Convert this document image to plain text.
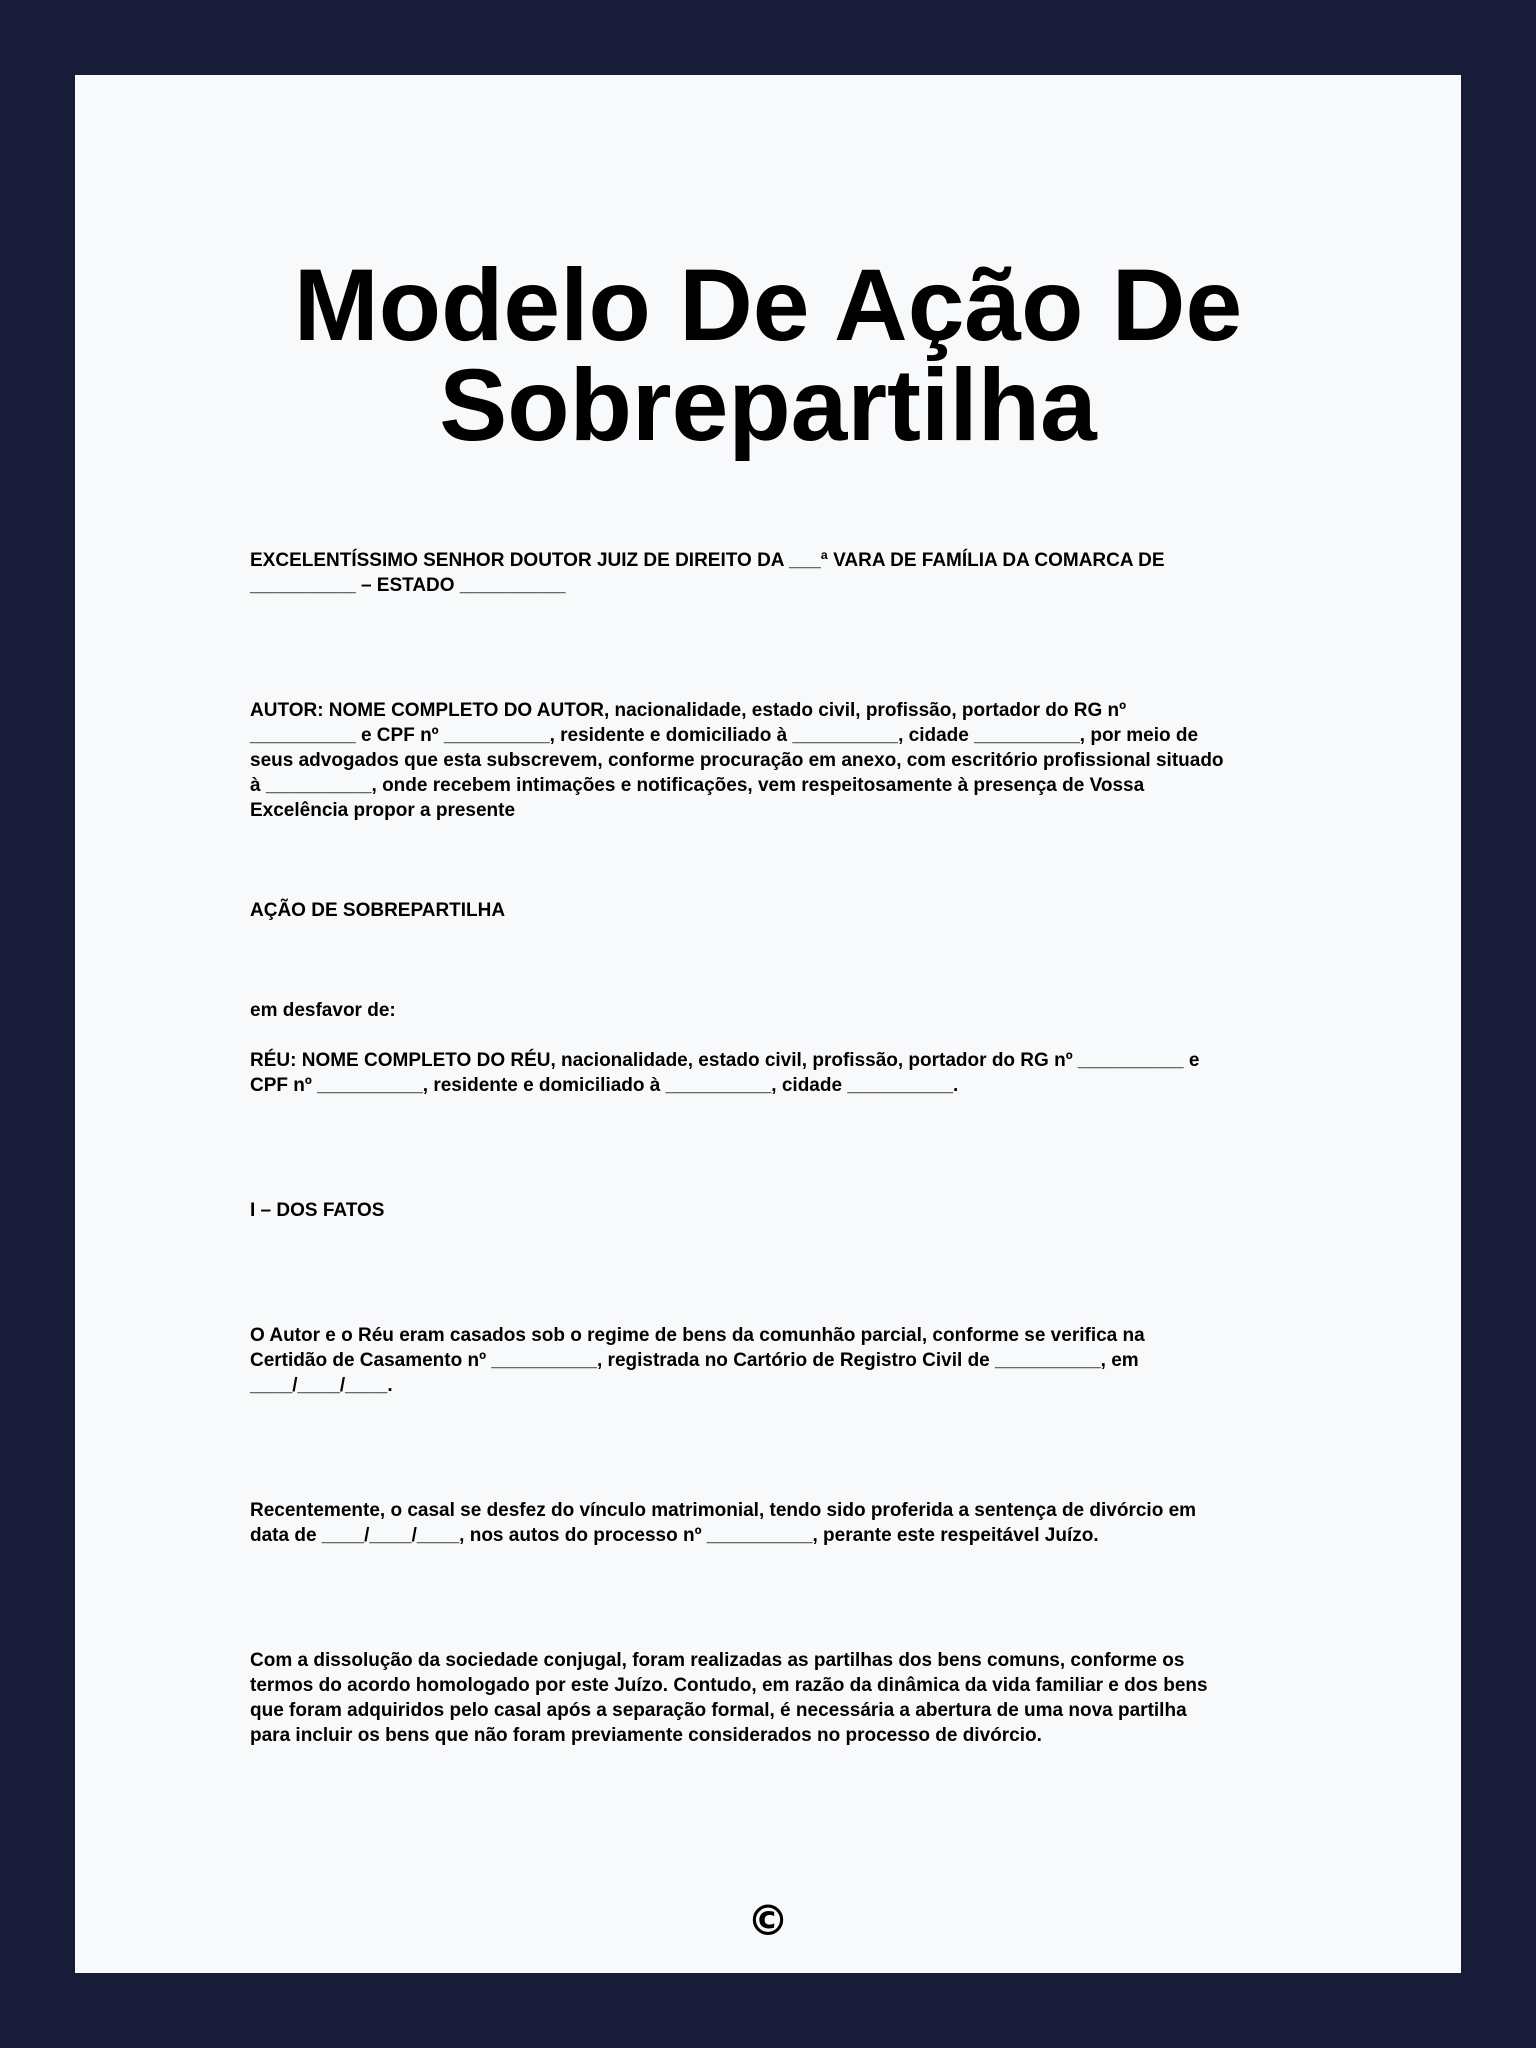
Modelo De Ação De
Sobrepartilha

EXCELENTÍSSIMO SENHOR DOUTOR JUIZ DE DIREITO DA ___ª VARA DE FAMÍLIA DA COMARCA DE
__________ – ESTADO __________

AUTOR: NOME COMPLETO DO AUTOR, nacionalidade, estado civil, profissão, portador do RG nº
__________ e CPF nº __________, residente e domiciliado à __________, cidade __________, por meio de
seus advogados que esta subscrevem, conforme procuração em anexo, com escritório profissional situado
à __________, onde recebem intimações e notificações, vem respeitosamente à presença de Vossa
Excelência propor a presente

AÇÃO DE SOBREPARTILHA

em desfavor de:

RÉU: NOME COMPLETO DO RÉU, nacionalidade, estado civil, profissão, portador do RG nº __________ e
CPF nº __________, residente e domiciliado à __________, cidade __________.

I – DOS FATOS

O Autor e o Réu eram casados sob o regime de bens da comunhão parcial, conforme se verifica na
Certidão de Casamento nº __________, registrada no Cartório de Registro Civil de __________, em
____/____/____.

Recentemente, o casal se desfez do vínculo matrimonial, tendo sido proferida a sentença de divórcio em
data de ____/____/____, nos autos do processo nº __________, perante este respeitável Juízo.

Com a dissolução da sociedade conjugal, foram realizadas as partilhas dos bens comuns, conforme os
termos do acordo homologado por este Juízo. Contudo, em razão da dinâmica da vida familiar e dos bens
que foram adquiridos pelo casal após a separação formal, é necessária a abertura de uma nova partilha
para incluir os bens que não foram previamente considerados no processo de divórcio.

©
